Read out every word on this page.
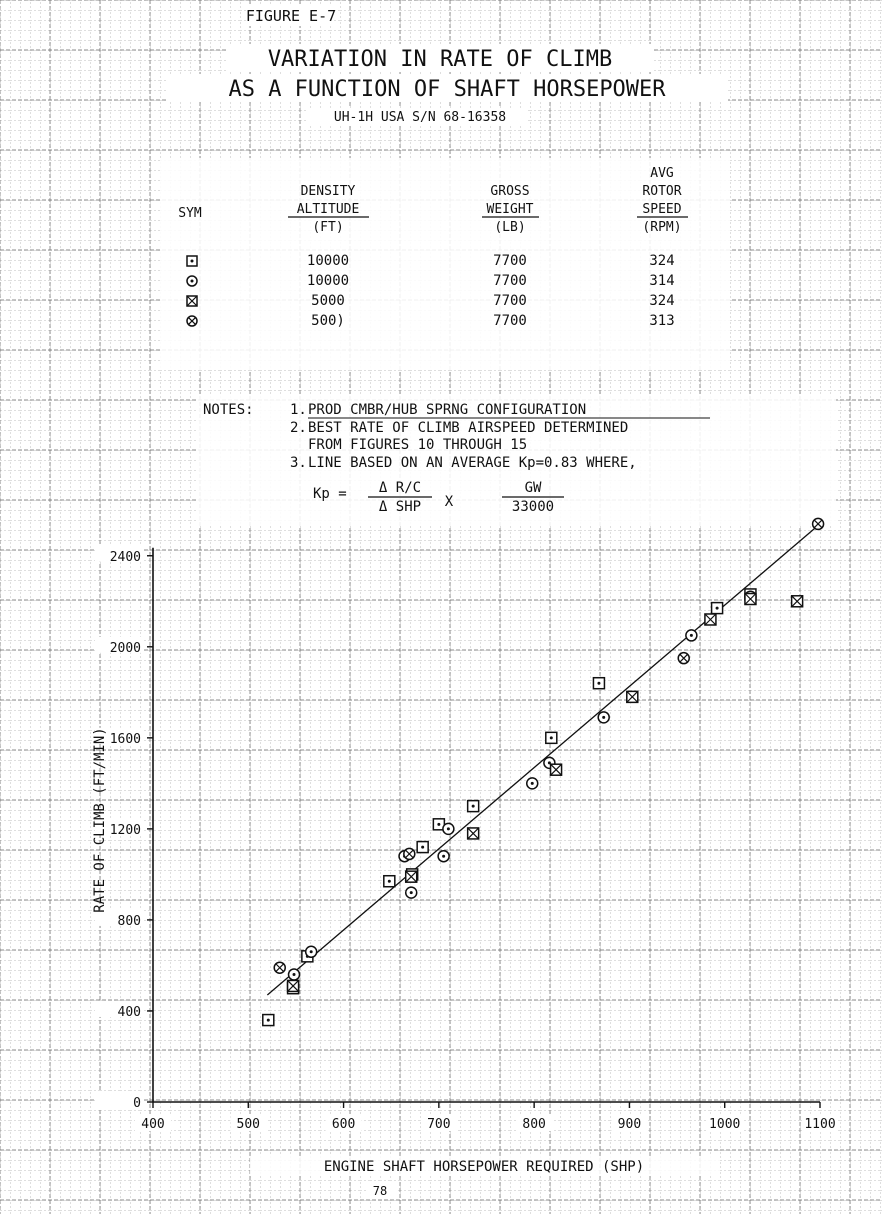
FIGURE E-7
VARIATION IN RATE OF CLIMB
AS A FUNCTION OF SHAFT HORSEPOWER
UH-1H USA S/N 68-16358
SYM
DENSITY
ALTITUDE
(FT)
GROSS
WEIGHT
(LB)
AVG
ROTOR
SPEED
(RPM)
10000	7700	324
10000	7700	314
5000	7700	324
500)	7700	313
NOTES:	1. PROD CMBR/HUB SPRNG CONFIGURATION
2. BEST RATE OF CLIMB AIRSPEED DETERMINED
FROM FIGURES 10 THROUGH 15
3. LINE BASED ON AN AVERAGE Kp=0.83 WHERE,
Kp = Δ R/C
Δ SHP X
GW
33000
400	500	600	700	800	900	1000	1100
0
400
800
1200
1600
2000
2400
ENGINE SHAFT HORSEPOWER REQUIRED (SHP)
RATE OF CLIMB (FT/MIN)
78
